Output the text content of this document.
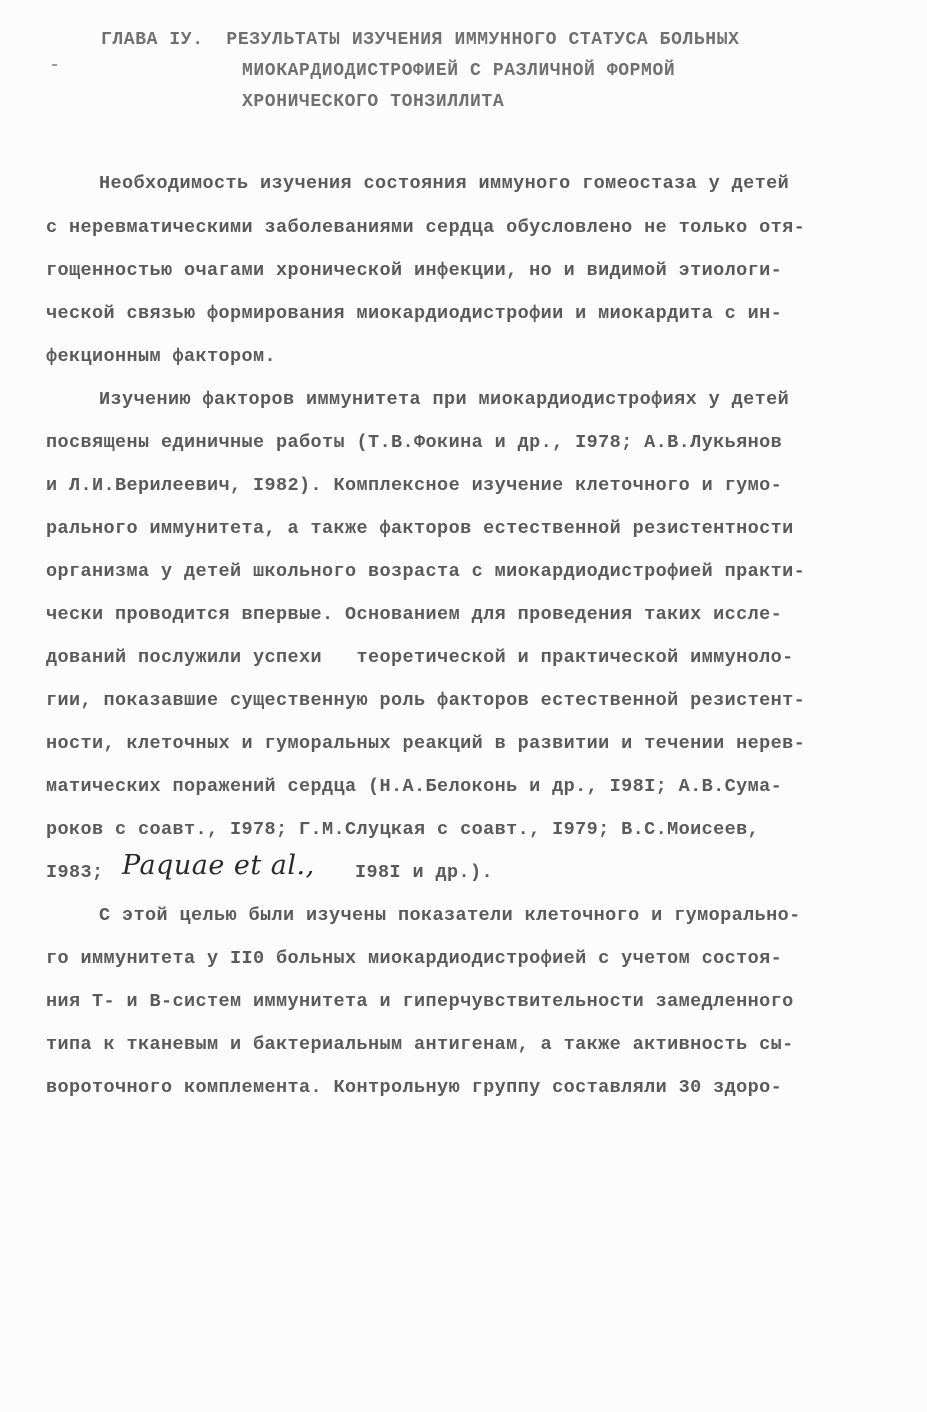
ГЛАВА IУ.  РЕЗУЛЬТАТЫ ИЗУЧЕНИЯ ИММУННОГО СТАТУСА БОЛЬНЫХ

МИОКАРДИОДИСТРОФИЕЙ С РАЗЛИЧНОЙ ФОРМОЙ

ХРОНИЧЕСКОГО ТОНЗИЛЛИТА

Необходимость изучения состояния иммуного гомеостаза у детей

с неревматическими заболеваниями сердца обусловлено не только отя-

гощенностью очагами хронической инфекции, но и видимой этиологи-

ческой связью формирования миокардиодистрофии и миокардита с ин-

фекционным фактором.

Изучению факторов иммунитета при миокардиодистрофиях у детей

посвящены единичные работы (Т.В.Фокина и др., I978; А.В.Лукьянов

и Л.И.Верилеевич, I982). Комплексное изучение клеточного и гумо-

рального иммунитета, а также факторов естественной резистентности

организма у детей школьного возраста с миокардиодистрофией практи-

чески проводится впервые. Основанием для проведения таких иссле-

дований послужили успехи   теоретической и практической иммуноло-

гии, показавшие существенную роль факторов естественной резистент-

ности, клеточных и гуморальных реакций в развитии и течении нерев-

матических поражений сердца (Н.А.Белоконь и др., I98I; А.В.Сума-

роков с соавт., I978; Г.М.Слуцкая с соавт., I979; В.С.Моисеев,

I983; Paquae et al., I98I и др.).

С этой целью были изучены показатели клеточного и гуморально-

го иммунитета у II0 больных миокардиодистрофией с учетом состоя-

ния Т- и В-систем иммунитета и гиперчувствительности замедленного

типа к тканевым и бактериальным антигенам, а также активность сы-

вороточного комплемента. Контрольную группу составляли 30 здоро-
